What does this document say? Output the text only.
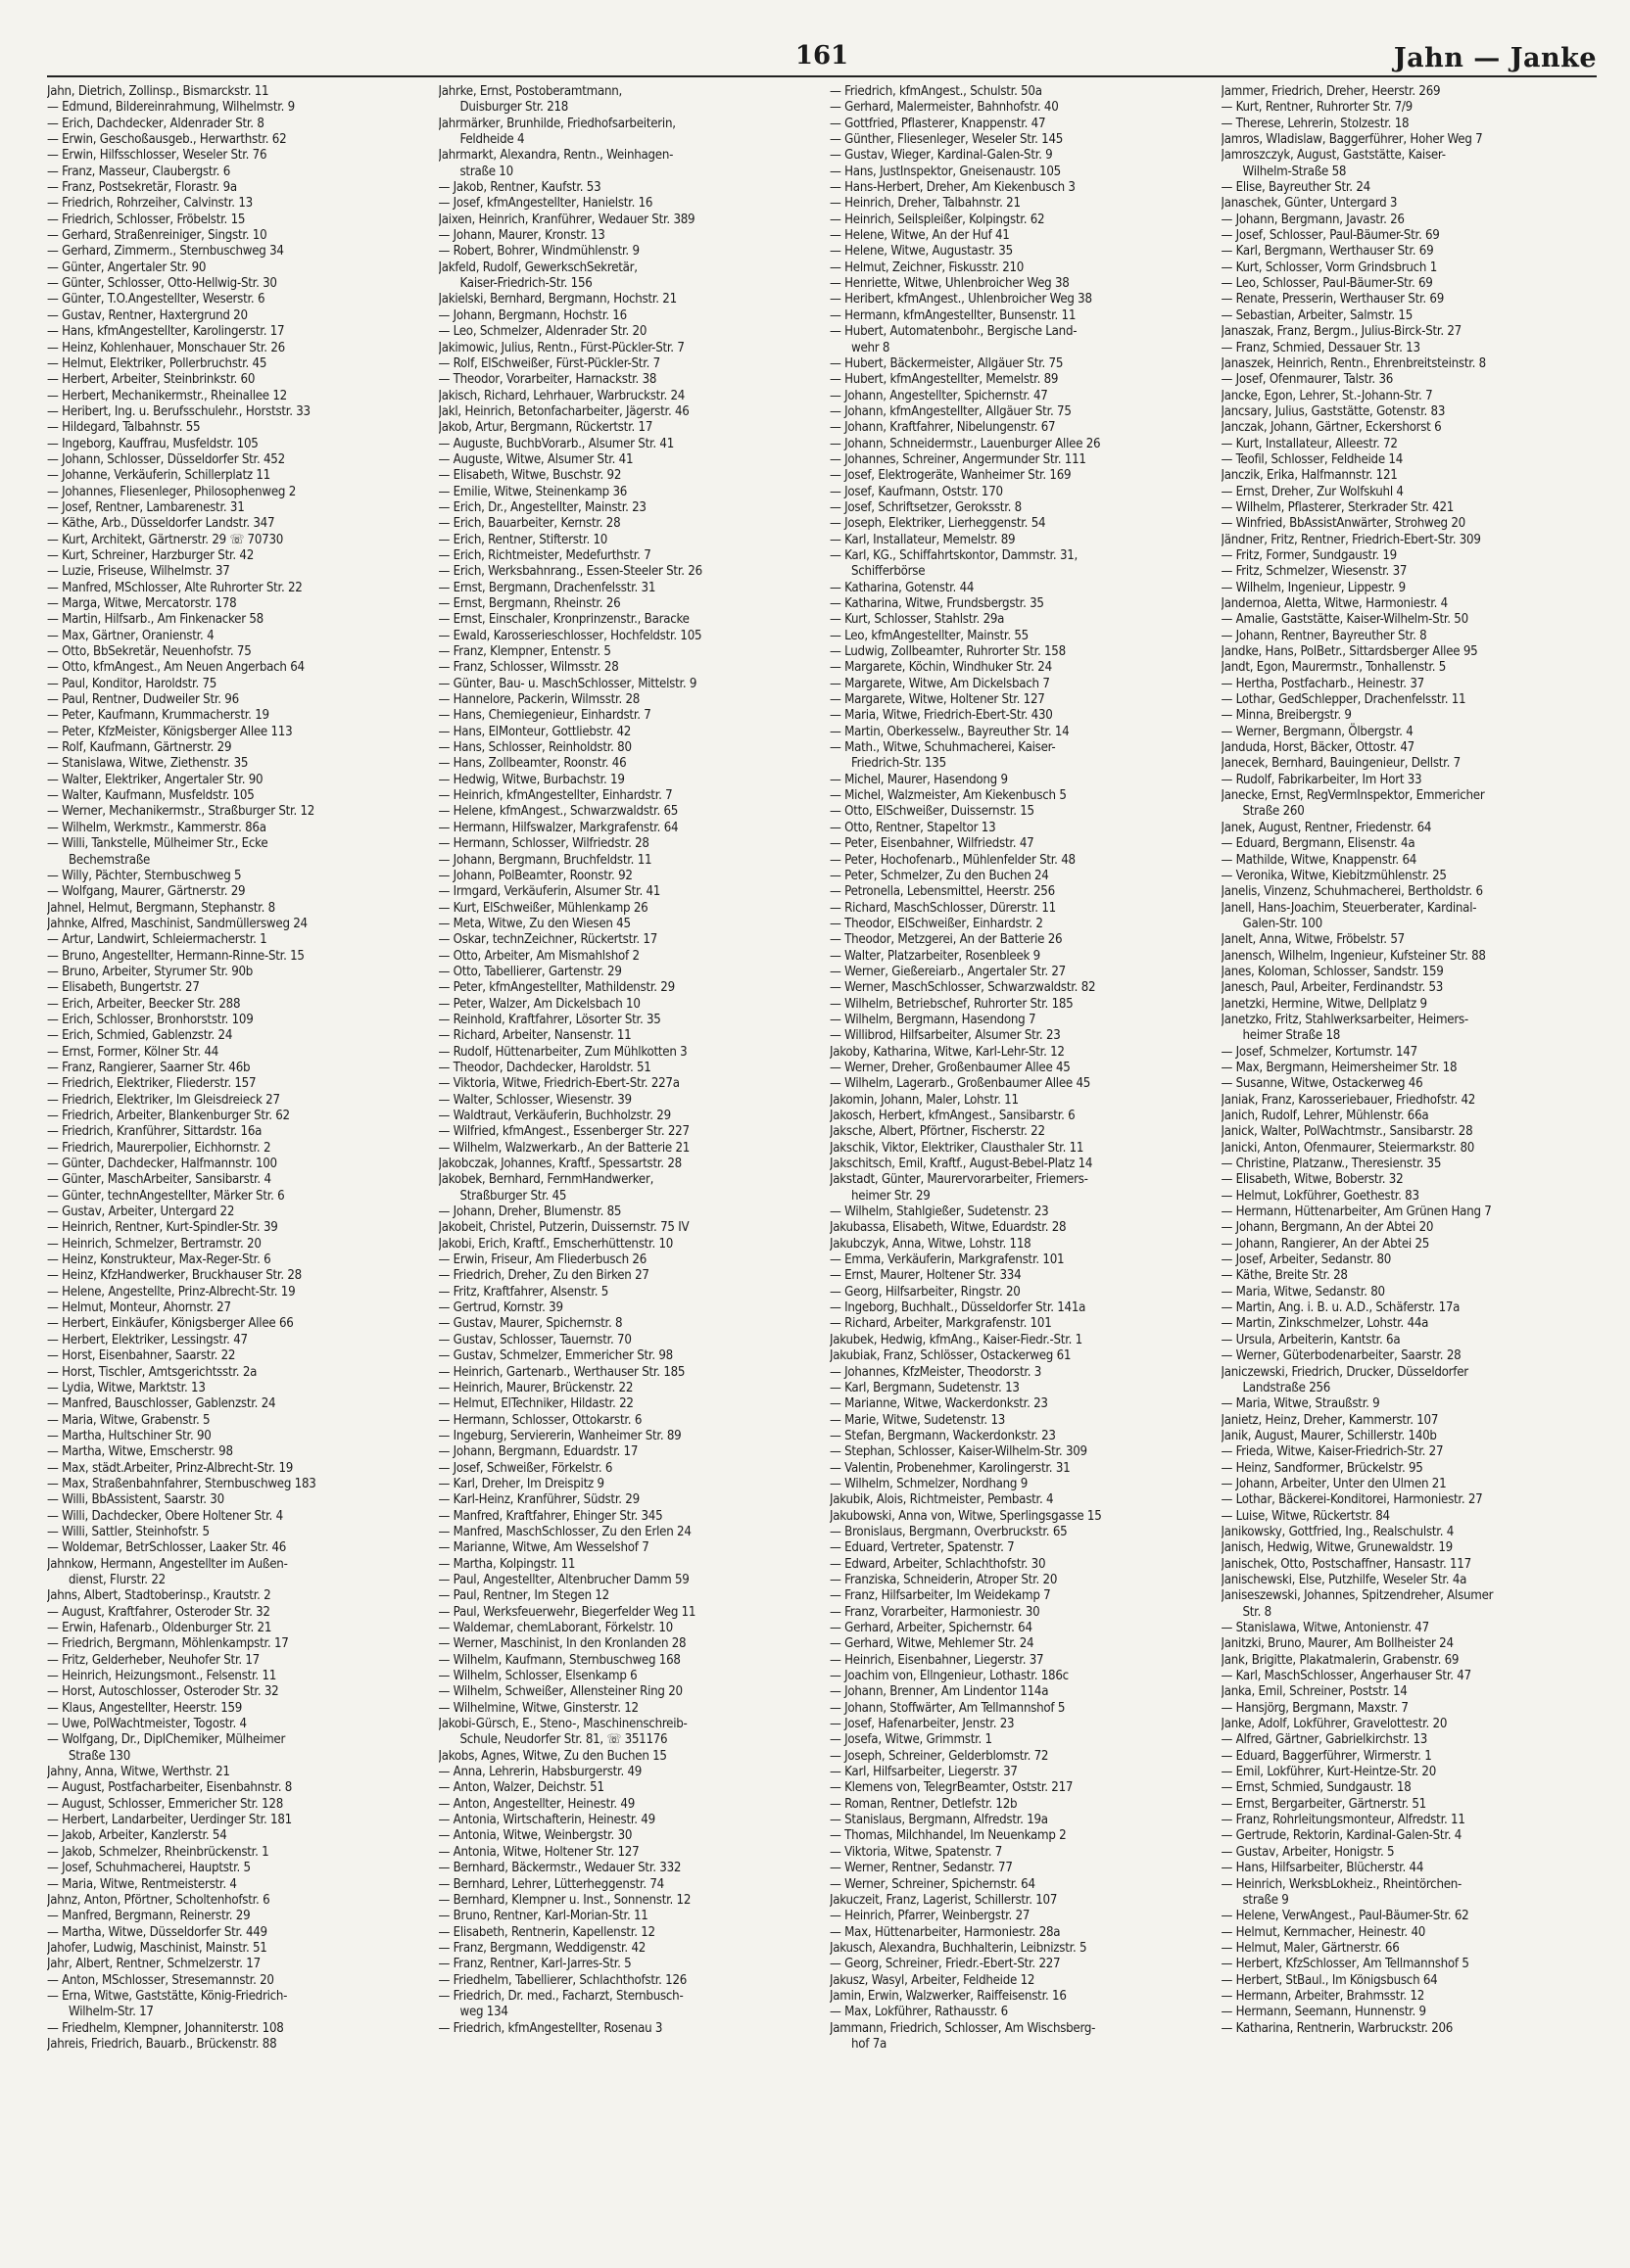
161	Jahn — Janke
Jahn, Dietrich, Zollinsp., Bismarckstr. 11
— Edmund, Bildereinrahmung, Wilhelmstr. 9
— Erich, Dachdecker, Aldenrader Str. 8
— Erwin, Geschoßausgeb., Herwarthstr. 62
— Erwin, Hilfsschlosser, Weseler Str. 76
— Franz, Masseur, Claubergstr. 6
— Franz, Postsekretär, Florastr. 9a
— Friedrich, Rohrzeiher, Calvinstr. 13
— Friedrich, Schlosser, Fröbelstr. 15
— Gerhard, Straßenreiniger, Singstr. 10
— Gerhard, Zimmerm., Sternbuschweg 34
— Günter, Angertaler Str. 90
— Günter, Schlosser, Otto-Hellwig-Str. 30
— Günter, T.O.Angestellter, Weserstr. 6
— Gustav, Rentner, Haxtergrund 20
— Hans, kfmAngestellter, Karolingerstr. 17
— Heinz, Kohlenhauer, Monschauer Str. 26
— Helmut, Elektriker, Pollerbruchstr. 45
— Herbert, Arbeiter, Steinbrinkstr. 60
— Herbert, Mechanikermstr., Rheinallee 12
— Heribert, Ing. u. Berufsschulehr., Horststr. 33
— Hildegard, Talbahnstr. 55
— Ingeborg, Kauffrau, Musfeldstr. 105
— Johann, Schlosser, Düsseldorfer Str. 452
— Johanne, Verkäuferin, Schillerplatz 11
— Johannes, Fliesenleger, Philosophenweg 2
— Josef, Rentner, Lambarenestr. 31
— Käthe, Arb., Düsseldorfer Landstr. 347
— Kurt, Architekt, Gärtnerstr. 29 ☏ 70730
— Kurt, Schreiner, Harzburger Str. 42
— Luzie, Friseuse, Wilhelmstr. 37
— Manfred, MSchlosser, Alte Ruhrorter Str. 22
— Marga, Witwe, Mercatorstr. 178
— Martin, Hilfsarb., Am Finkenacker 58
— Max, Gärtner, Oranienstr. 4
— Otto, BbSekretär, Neuenhofstr. 75
— Otto, kfmAngest., Am Neuen Angerbach 64
— Paul, Konditor, Haroldstr. 75
— Paul, Rentner, Dudweiler Str. 96
— Peter, Kaufmann, Krummacherstr. 19
— Peter, KfzMeister, Königsberger Allee 113
— Rolf, Kaufmann, Gärtnerstr. 29
— Stanislawa, Witwe, Ziethenstr. 35
— Walter, Elektriker, Angertaler Str. 90
— Walter, Kaufmann, Musfeldstr. 105
— Werner, Mechanikermstr., Straßburger Str. 12
— Wilhelm, Werkmstr., Kammerstr. 86a
— Willi, Tankstelle, Mülheimer Str., Ecke
Bechemstraße
— Willy, Pächter, Sternbuschweg 5
— Wolfgang, Maurer, Gärtnerstr. 29
Jahnel, Helmut, Bergmann, Stephanstr. 8
Jahnke, Alfred, Maschinist, Sandmüllersweg 24
— Artur, Landwirt, Schleiermacherstr. 1
— Bruno, Angestellter, Hermann-Rinne-Str. 15
— Bruno, Arbeiter, Styrumer Str. 90b
— Elisabeth, Bungertstr. 27
— Erich, Arbeiter, Beecker Str. 288
— Erich, Schlosser, Bronhorststr. 109
— Erich, Schmied, Gablenzstr. 24
— Ernst, Former, Kölner Str. 44
— Franz, Rangierer, Saarner Str. 46b
— Friedrich, Elektriker, Fliederstr. 157
— Friedrich, Elektriker, Im Gleisdreieck 27
— Friedrich, Arbeiter, Blankenburger Str. 62
— Friedrich, Kranführer, Sittardstr. 16a
— Friedrich, Maurerpolier, Eichhornstr. 2
— Günter, Dachdecker, Halfmannstr. 100
— Günter, MaschArbeiter, Sansibarstr. 4
— Günter, technAngestellter, Märker Str. 6
— Gustav, Arbeiter, Untergard 22
— Heinrich, Rentner, Kurt-Spindler-Str. 39
— Heinrich, Schmelzer, Bertramstr. 20
— Heinz, Konstrukteur, Max-Reger-Str. 6
— Heinz, KfzHandwerker, Bruckhauser Str. 28
— Helene, Angestellte, Prinz-Albrecht-Str. 19
— Helmut, Monteur, Ahornstr. 27
— Herbert, Einkäufer, Königsberger Allee 66
— Herbert, Elektriker, Lessingstr. 47
— Horst, Eisenbahner, Saarstr. 22
— Horst, Tischler, Amtsgerichtsstr. 2a
— Lydia, Witwe, Marktstr. 13
— Manfred, Bauschlosser, Gablenzstr. 24
— Maria, Witwe, Grabenstr. 5
— Martha, Hultschiner Str. 90
— Martha, Witwe, Emscherstr. 98
— Max, städt.Arbeiter, Prinz-Albrecht-Str. 19
— Max, Straßenbahnfahrer, Sternbuschweg 183
— Willi, BbAssistent, Saarstr. 30
— Willi, Dachdecker, Obere Holtener Str. 4
— Willi, Sattler, Steinhofstr. 5
— Woldemar, BetrSchlosser, Laaker Str. 46
Jahnkow, Hermann, Angestellter im Außen-
dienst, Flurstr. 22
Jahns, Albert, Stadtoberinsp., Krautstr. 2
— August, Kraftfahrer, Osteroder Str. 32
— Erwin, Hafenarb., Oldenburger Str. 21
— Friedrich, Bergmann, Möhlenkampstr. 17
— Fritz, Gelderheber, Neuhofer Str. 17
— Heinrich, Heizungsmont., Felsenstr. 11
— Horst, Autoschlosser, Osteroder Str. 32
— Klaus, Angestellter, Heerstr. 159
— Uwe, PolWachtmeister, Togostr. 4
— Wolfgang, Dr., DiplChemiker, Mülheimer
Straße 130
Jahny, Anna, Witwe, Werthstr. 21
— August, Postfacharbeiter, Eisenbahnstr. 8
— August, Schlosser, Emmericher Str. 128
— Herbert, Landarbeiter, Uerdinger Str. 181
— Jakob, Arbeiter, Kanzlerstr. 54
— Jakob, Schmelzer, Rheinbrückenstr. 1
— Josef, Schuhmacherei, Hauptstr. 5
— Maria, Witwe, Rentmeisterstr. 4
Jahnz, Anton, Pförtner, Scholtenhofstr. 6
— Manfred, Bergmann, Reinerstr. 29
— Martha, Witwe, Düsseldorfer Str. 449
Jahofer, Ludwig, Maschinist, Mainstr. 51
Jahr, Albert, Rentner, Schmelzerstr. 17
— Anton, MSchlosser, Stresemannstr. 20
— Erna, Witwe, Gaststätte, König-Friedrich-
Wilhelm-Str. 17
— Friedhelm, Klempner, Johanniterstr. 108
Jahreis, Friedrich, Bauarb., Brückenstr. 88
Jahrke, Ernst, Postoberamtmann,
Duisburger Str. 218
Jahrmärker, Brunhilde, Friedhofsarbeiterin,
Feldheide 4
Jahrmarkt, Alexandra, Rentn., Weinhagen-
straße 10
— Jakob, Rentner, Kaufstr. 53
— Josef, kfmAngestellter, Hanielstr. 16
Jaixen, Heinrich, Kranführer, Wedauer Str. 389
— Johann, Maurer, Kronstr. 13
— Robert, Bohrer, Windmühlenstr. 9
Jakfeld, Rudolf, GewerkschSekretär,
Kaiser-Friedrich-Str. 156
Jakielski, Bernhard, Bergmann, Hochstr. 21
— Johann, Bergmann, Hochstr. 16
— Leo, Schmelzer, Aldenrader Str. 20
Jakimowic, Julius, Rentn., Fürst-Pückler-Str. 7
— Rolf, ElSchweißer, Fürst-Pückler-Str. 7
— Theodor, Vorarbeiter, Harnackstr. 38
Jakisch, Richard, Lehrhauer, Warbruckstr. 24
Jakl, Heinrich, Betonfacharbeiter, Jägerstr. 46
Jakob, Artur, Bergmann, Rückertstr. 17
— Auguste, BuchbVorarb., Alsumer Str. 41
— Auguste, Witwe, Alsumer Str. 41
— Elisabeth, Witwe, Buschstr. 92
— Emilie, Witwe, Steinenkamp 36
— Erich, Dr., Angestellter, Mainstr. 23
— Erich, Bauarbeiter, Kernstr. 28
— Erich, Rentner, Stifterstr. 10
— Erich, Richtmeister, Medefurthstr. 7
— Erich, Werksbahnrang., Essen-Steeler Str. 26
— Ernst, Bergmann, Drachenfelsstr. 31
— Ernst, Bergmann, Rheinstr. 26
— Ernst, Einschaler, Kronprinzenstr., Baracke
— Ewald, Karosserieschlosser, Hochfeldstr. 105
— Franz, Klempner, Entenstr. 5
— Franz, Schlosser, Wilmsstr. 28
— Günter, Bau- u. MaschSchlosser, Mittelstr. 9
— Hannelore, Packerin, Wilmsstr. 28
— Hans, Chemiegenieur, Einhardstr. 7
— Hans, ElMonteur, Gottliebstr. 42
— Hans, Schlosser, Reinholdstr. 80
— Hans, Zollbeamter, Roonstr. 46
— Hedwig, Witwe, Burbachstr. 19
— Heinrich, kfmAngestellter, Einhardstr. 7
— Helene, kfmAngest., Schwarzwaldstr. 65
— Hermann, Hilfswalzer, Markgrafenstr. 64
— Hermann, Schlosser, Wilfriedstr. 28
— Johann, Bergmann, Bruchfeldstr. 11
— Johann, PolBeamter, Roonstr. 92
— Irmgard, Verkäuferin, Alsumer Str. 41
— Kurt, ElSchweißer, Mühlenkamp 26
— Meta, Witwe, Zu den Wiesen 45
— Oskar, technZeichner, Rückertstr. 17
— Otto, Arbeiter, Am Mismahlshof 2
— Otto, Tabellierer, Gartenstr. 29
— Peter, kfmAngestellter, Mathildenstr. 29
— Peter, Walzer, Am Dickelsbach 10
— Reinhold, Kraftfahrer, Lösorter Str. 35
— Richard, Arbeiter, Nansenstr. 11
— Rudolf, Hüttenarbeiter, Zum Mühlkotten 3
— Theodor, Dachdecker, Haroldstr. 51
— Viktoria, Witwe, Friedrich-Ebert-Str. 227a
— Walter, Schlosser, Wiesenstr. 39
— Waldtraut, Verkäuferin, Buchholzstr. 29
— Wilfried, kfmAngest., Essenberger Str. 227
— Wilhelm, Walzwerkarb., An der Batterie 21
Jakobczak, Johannes, Kraftf., Spessartstr. 28
Jakobek, Bernhard, FernmHandwerker,
Straßburger Str. 45
— Johann, Dreher, Blumenstr. 85
Jakobeit, Christel, Putzerin, Duissernstr. 75 IV
Jakobi, Erich, Kraftf., Emscherhüttenstr. 10
— Erwin, Friseur, Am Fliederbusch 26
— Friedrich, Dreher, Zu den Birken 27
— Fritz, Kraftfahrer, Alsenstr. 5
— Gertrud, Kornstr. 39
— Gustav, Maurer, Spichernstr. 8
— Gustav, Schlosser, Tauernstr. 70
— Gustav, Schmelzer, Emmericher Str. 98
— Heinrich, Gartenarb., Werthauser Str. 185
— Heinrich, Maurer, Brückenstr. 22
— Helmut, ElTechniker, Hildastr. 22
— Hermann, Schlosser, Ottokarstr. 6
— Ingeburg, Serviererin, Wanheimer Str. 89
— Johann, Bergmann, Eduardstr. 17
— Josef, Schweißer, Förkelstr. 6
— Karl, Dreher, Im Dreispitz 9
— Karl-Heinz, Kranführer, Südstr. 29
— Manfred, Kraftfahrer, Ehinger Str. 345
— Manfred, MaschSchlosser, Zu den Erlen 24
— Marianne, Witwe, Am Wesselshof 7
— Martha, Kolpingstr. 11
— Paul, Angestellter, Altenbrucher Damm 59
— Paul, Rentner, Im Stegen 12
— Paul, Werksfeuerwehr, Biegerfelder Weg 11
— Waldemar, chemLaborant, Förkelstr. 10
— Werner, Maschinist, In den Kronlanden 28
— Wilhelm, Kaufmann, Sternbuschweg 168
— Wilhelm, Schlosser, Elsenkamp 6
— Wilhelm, Schweißer, Allensteiner Ring 20
— Wilhelmine, Witwe, Ginsterstr. 12
Jakobi-Gürsch, E., Steno-, Maschinenschreib-
Schule, Neudorfer Str. 81, ☏ 351176
Jakobs, Agnes, Witwe, Zu den Buchen 15
— Anna, Lehrerin, Habsburgerstr. 49
— Anton, Walzer, Deichstr. 51
— Anton, Angestellter, Heinestr. 49
— Antonia, Wirtschafterin, Heinestr. 49
— Antonia, Witwe, Weinbergstr. 30
— Antonia, Witwe, Holtener Str. 127
— Bernhard, Bäckermstr., Wedauer Str. 332
— Bernhard, Lehrer, Lütterheggenstr. 74
— Bernhard, Klempner u. Inst., Sonnenstr. 12
— Bruno, Rentner, Karl-Morian-Str. 11
— Elisabeth, Rentnerin, Kapellenstr. 12
— Franz, Bergmann, Weddigenstr. 42
— Franz, Rentner, Karl-Jarres-Str. 5
— Friedhelm, Tabellierer, Schlachthofstr. 126
— Friedrich, Dr. med., Facharzt, Sternbusch-
weg 134
— Friedrich, kfmAngestellter, Rosenau 3
— Friedrich, kfmAngest., Schulstr. 50a
— Gerhard, Malermeister, Bahnhofstr. 40
— Gottfried, Pflasterer, Knappenstr. 47
— Günther, Fliesenleger, Weseler Str. 145
— Gustav, Wieger, Kardinal-Galen-Str. 9
— Hans, JustInspektor, Gneisenaustr. 105
— Hans-Herbert, Dreher, Am Kiekenbusch 3
— Heinrich, Dreher, Talbahnstr. 21
— Heinrich, Seilspleißer, Kolpingstr. 62
— Helene, Witwe, An der Huf 41
— Helene, Witwe, Augustastr. 35
— Helmut, Zeichner, Fiskusstr. 210
— Henriette, Witwe, Uhlenbroicher Weg 38
— Heribert, kfmAngest., Uhlenbroicher Weg 38
— Hermann, kfmAngestellter, Bunsenstr. 11
— Hubert, Automatenbohr., Bergische Land-
wehr 8
— Hubert, Bäckermeister, Allgäuer Str. 75
— Hubert, kfmAngestellter, Memelstr. 89
— Johann, Angestellter, Spichernstr. 47
— Johann, kfmAngestellter, Allgäuer Str. 75
— Johann, Kraftfahrer, Nibelungenstr. 67
— Johann, Schneidermstr., Lauenburger Allee 26
— Johannes, Schreiner, Angermunder Str. 111
— Josef, Elektrogeräte, Wanheimer Str. 169
— Josef, Kaufmann, Oststr. 170
— Josef, Schriftsetzer, Geroksstr. 8
— Joseph, Elektriker, Lierheggenstr. 54
— Karl, Installateur, Memelstr. 89
— Karl, KG., Schiffahrtskontor, Dammstr. 31,
Schifferbörse
— Katharina, Gotenstr. 44
— Katharina, Witwe, Frundsbergstr. 35
— Kurt, Schlosser, Stahlstr. 29a
— Leo, kfmAngestellter, Mainstr. 55
— Ludwig, Zollbeamter, Ruhrorter Str. 158
— Margarete, Köchin, Windhuker Str. 24
— Margarete, Witwe, Am Dickelsbach 7
— Margarete, Witwe, Holtener Str. 127
— Maria, Witwe, Friedrich-Ebert-Str. 430
— Martin, Oberkesselw., Bayreuther Str. 14
— Math., Witwe, Schuhmacherei, Kaiser-
Friedrich-Str. 135
— Michel, Maurer, Hasendong 9
— Michel, Walzmeister, Am Kiekenbusch 5
— Otto, ElSchweißer, Duissernstr. 15
— Otto, Rentner, Stapeltor 13
— Peter, Eisenbahner, Wilfriedstr. 47
— Peter, Hochofenarb., Mühlenfelder Str. 48
— Peter, Schmelzer, Zu den Buchen 24
— Petronella, Lebensmittel, Heerstr. 256
— Richard, MaschSchlosser, Dürerstr. 11
— Theodor, ElSchweißer, Einhardstr. 2
— Theodor, Metzgerei, An der Batterie 26
— Walter, Platzarbeiter, Rosenbleek 9
— Werner, Gießereiarb., Angertaler Str. 27
— Werner, MaschSchlosser, Schwarzwaldstr. 82
— Wilhelm, Betriebschef, Ruhrorter Str. 185
— Wilhelm, Bergmann, Hasendong 7
— Willibrod, Hilfsarbeiter, Alsumer Str. 23
Jakoby, Katharina, Witwe, Karl-Lehr-Str. 12
— Werner, Dreher, Großenbaumer Allee 45
— Wilhelm, Lagerarb., Großenbaumer Allee 45
Jakomin, Johann, Maler, Lohstr. 11
Jakosch, Herbert, kfmAngest., Sansibarstr. 6
Jaksche, Albert, Pförtner, Fischerstr. 22
Jakschik, Viktor, Elektriker, Clausthaler Str. 11
Jakschitsch, Emil, Kraftf., August-Bebel-Platz 14
Jakstadt, Günter, Maurervorarbeiter, Friemers-
heimer Str. 29
— Wilhelm, Stahlgießer, Sudetenstr. 23
Jakubassa, Elisabeth, Witwe, Eduardstr. 28
Jakubczyk, Anna, Witwe, Lohstr. 118
— Emma, Verkäuferin, Markgrafenstr. 101
— Ernst, Maurer, Holtener Str. 334
— Georg, Hilfsarbeiter, Ringstr. 20
— Ingeborg, Buchhalt., Düsseldorfer Str. 141a
— Richard, Arbeiter, Markgrafenstr. 101
Jakubek, Hedwig, kfmAng., Kaiser-Fiedr.-Str. 1
Jakubiak, Franz, Schlösser, Ostackerweg 61
— Johannes, KfzMeister, Theodorstr. 3
— Karl, Bergmann, Sudetenstr. 13
— Marianne, Witwe, Wackerdonkstr. 23
— Marie, Witwe, Sudetenstr. 13
— Stefan, Bergmann, Wackerdonkstr. 23
— Stephan, Schlosser, Kaiser-Wilhelm-Str. 309
— Valentin, Probenehmer, Karolingerstr. 31
— Wilhelm, Schmelzer, Nordhang 9
Jakubik, Alois, Richtmeister, Pembastr. 4
Jakubowski, Anna von, Witwe, Sperlingsgasse 15
— Bronislaus, Bergmann, Overbruckstr. 65
— Eduard, Vertreter, Spatenstr. 7
— Edward, Arbeiter, Schlachthofstr. 30
— Franziska, Schneiderin, Atroper Str. 20
— Franz, Hilfsarbeiter, Im Weidekamp 7
— Franz, Vorarbeiter, Harmoniestr. 30
— Gerhard, Arbeiter, Spichernstr. 64
— Gerhard, Witwe, Mehlemer Str. 24
— Heinrich, Eisenbahner, Liegerstr. 37
— Joachim von, Ellngenieur, Lothastr. 186c
— Johann, Brenner, Am Lindentor 114a
— Johann, Stoffwärter, Am Tellmannshof 5
— Josef, Hafenarbeiter, Jenstr. 23
— Josefa, Witwe, Grimmstr. 1
— Joseph, Schreiner, Gelderblomstr. 72
— Karl, Hilfsarbeiter, Liegerstr. 37
— Klemens von, TelegrBeamter, Oststr. 217
— Roman, Rentner, Detlefstr. 12b
— Stanislaus, Bergmann, Alfredstr. 19a
— Thomas, Milchhandel, Im Neuenkamp 2
— Viktoria, Witwe, Spatenstr. 7
— Werner, Rentner, Sedanstr. 77
— Werner, Schreiner, Spichernstr. 64
Jakuczeit, Franz, Lagerist, Schillerstr. 107
— Heinrich, Pfarrer, Weinbergstr. 27
— Max, Hüttenarbeiter, Harmoniestr. 28a
Jakusch, Alexandra, Buchhalterin, Leibnizstr. 5
— Georg, Schreiner, Friedr.-Ebert-Str. 227
Jakusz, Wasyl, Arbeiter, Feldheide 12
Jamin, Erwin, Walzwerker, Raiffeisenstr. 16
— Max, Lokführer, Rathausstr. 6
Jammann, Friedrich, Schlosser, Am Wischsberg-
hof 7a
Jammer, Friedrich, Dreher, Heerstr. 269
— Kurt, Rentner, Ruhrorter Str. 7/9
— Therese, Lehrerin, Stolzestr. 18
Jamros, Wladislaw, Baggerführer, Hoher Weg 7
Jamroszczyk, August, Gaststätte, Kaiser-
Wilhelm-Straße 58
— Elise, Bayreuther Str. 24
Janaschek, Günter, Untergard 3
— Johann, Bergmann, Javastr. 26
— Josef, Schlosser, Paul-Bäumer-Str. 69
— Karl, Bergmann, Werthauser Str. 69
— Kurt, Schlosser, Vorm Grindsbruch 1
— Leo, Schlosser, Paul-Bäumer-Str. 69
— Renate, Presserin, Werthauser Str. 69
— Sebastian, Arbeiter, Salmstr. 15
Janaszak, Franz, Bergm., Julius-Birck-Str. 27
— Franz, Schmied, Dessauer Str. 13
Janaszek, Heinrich, Rentn., Ehrenbreitsteinstr. 8
— Josef, Ofenmaurer, Talstr. 36
Jancke, Egon, Lehrer, St.-Johann-Str. 7
Jancsary, Julius, Gaststätte, Gotenstr. 83
Janczak, Johann, Gärtner, Eckershorst 6
— Kurt, Installateur, Alleestr. 72
— Teofil, Schlosser, Feldheide 14
Janczik, Erika, Halfmannstr. 121
— Ernst, Dreher, Zur Wolfskuhl 4
— Wilhelm, Pflasterer, Sterkrader Str. 421
— Winfried, BbAssistAnwärter, Strohweg 20
Jändner, Fritz, Rentner, Friedrich-Ebert-Str. 309
— Fritz, Former, Sundgaustr. 19
— Fritz, Schmelzer, Wiesenstr. 37
— Wilhelm, Ingenieur, Lippestr. 9
Jandernoa, Aletta, Witwe, Harmoniestr. 4
— Amalie, Gaststätte, Kaiser-Wilhelm-Str. 50
— Johann, Rentner, Bayreuther Str. 8
Jandke, Hans, PolBetr., Sittardsberger Allee 95
Jandt, Egon, Maurermstr., Tonhallenstr. 5
— Hertha, Postfacharb., Heinestr. 37
— Lothar, GedSchlepper, Drachenfelsstr. 11
— Minna, Breibergstr. 9
— Werner, Bergmann, Ölbergstr. 4
Janduda, Horst, Bäcker, Ottostr. 47
Janecek, Bernhard, Bauingenieur, Dellstr. 7
— Rudolf, Fabrikarbeiter, Im Hort 33
Janecke, Ernst, RegVermInspektor, Emmericher
Straße 260
Janek, August, Rentner, Friedenstr. 64
— Eduard, Bergmann, Elisenstr. 4a
— Mathilde, Witwe, Knappenstr. 64
— Veronika, Witwe, Kiebitzmühlenstr. 25
Janelis, Vinzenz, Schuhmacherei, Bertholdstr. 6
Janell, Hans-Joachim, Steuerberater, Kardinal-
Galen-Str. 100
Janelt, Anna, Witwe, Fröbelstr. 57
Janensch, Wilhelm, Ingenieur, Kufsteiner Str. 88
Janes, Koloman, Schlosser, Sandstr. 159
Janesch, Paul, Arbeiter, Ferdinandstr. 53
Janetzki, Hermine, Witwe, Dellplatz 9
Janetzko, Fritz, Stahlwerksarbeiter, Heimers-
heimer Straße 18
— Josef, Schmelzer, Kortumstr. 147
— Max, Bergmann, Heimersheimer Str. 18
— Susanne, Witwe, Ostackerweg 46
Janiak, Franz, Karosseriebauer, Friedhofstr. 42
Janich, Rudolf, Lehrer, Mühlenstr. 66a
Janick, Walter, PolWachtmstr., Sansibarstr. 28
Janicki, Anton, Ofenmaurer, Steiermarkstr. 80
— Christine, Platzanw., Theresienstr. 35
— Elisabeth, Witwe, Boberstr. 32
— Helmut, Lokführer, Goethestr. 83
— Hermann, Hüttenarbeiter, Am Grünen Hang 7
— Johann, Bergmann, An der Abtei 20
— Johann, Rangierer, An der Abtei 25
— Josef, Arbeiter, Sedanstr. 80
— Käthe, Breite Str. 28
— Maria, Witwe, Sedanstr. 80
— Martin, Ang. i. B. u. A.D., Schäferstr. 17a
— Martin, Zinkschmelzer, Lohstr. 44a
— Ursula, Arbeiterin, Kantstr. 6a
— Werner, Güterbodenarbeiter, Saarstr. 28
Janiczewski, Friedrich, Drucker, Düsseldorfer
Landstraße 256
— Maria, Witwe, Straußstr. 9
Janietz, Heinz, Dreher, Kammerstr. 107
Janik, August, Maurer, Schillerstr. 140b
— Frieda, Witwe, Kaiser-Friedrich-Str. 27
— Heinz, Sandformer, Brückelstr. 95
— Johann, Arbeiter, Unter den Ulmen 21
— Lothar, Bäckerei-Konditorei, Harmoniestr. 27
— Luise, Witwe, Rückertstr. 84
Janikowsky, Gottfried, Ing., Realschulstr. 4
Janisch, Hedwig, Witwe, Grunewaldstr. 19
Janischek, Otto, Postschaffner, Hansastr. 117
Janischewski, Else, Putzhilfe, Weseler Str. 4a
Janiseszewski, Johannes, Spitzendreher, Alsumer
Str. 8
— Stanislawa, Witwe, Antonienstr. 47
Janitzki, Bruno, Maurer, Am Bollheister 24
Jank, Brigitte, Plakatmalerin, Grabenstr. 69
— Karl, MaschSchlosser, Angerhauser Str. 47
Janka, Emil, Schreiner, Poststr. 14
— Hansjörg, Bergmann, Maxstr. 7
Janke, Adolf, Lokführer, Gravelottestr. 20
— Alfred, Gärtner, Gabrielkirchstr. 13
— Eduard, Baggerführer, Wirmerstr. 1
— Emil, Lokführer, Kurt-Heintze-Str. 20
— Ernst, Schmied, Sundgaustr. 18
— Ernst, Bergarbeiter, Gärtnerstr. 51
— Franz, Rohrleitungsmonteur, Alfredstr. 11
— Gertrude, Rektorin, Kardinal-Galen-Str. 4
— Gustav, Arbeiter, Honigstr. 5
— Hans, Hilfsarbeiter, Blücherstr. 44
— Heinrich, WerksbLokheiz., Rheintörchen-
straße 9
— Helene, VerwAngest., Paul-Bäumer-Str. 62
— Helmut, Kernmacher, Heinestr. 40
— Helmut, Maler, Gärtnerstr. 66
— Herbert, KfzSchlosser, Am Tellmannshof 5
— Herbert, StBaul., Im Königsbusch 64
— Hermann, Arbeiter, Brahmsstr. 12
— Hermann, Seemann, Hunnenstr. 9
— Katharina, Rentnerin, Warbruckstr. 206
